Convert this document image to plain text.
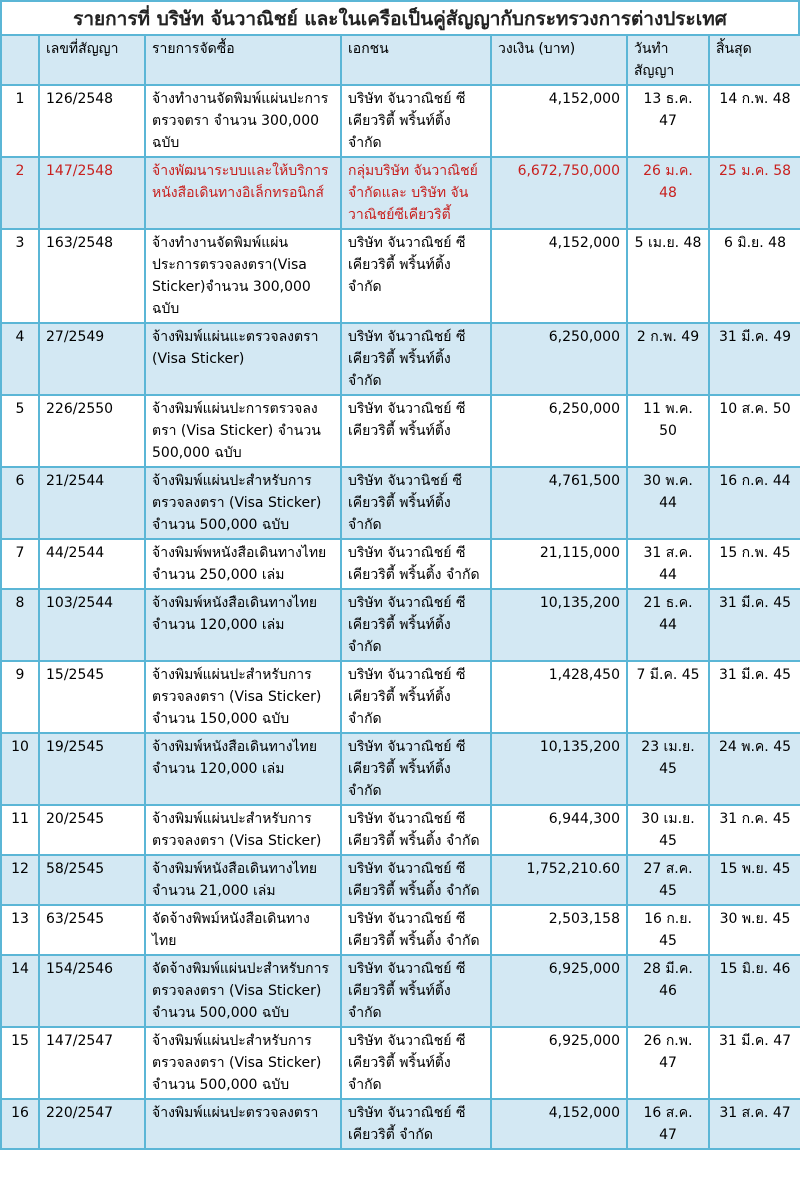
รายการที่ บริษัท จันวาณิชย์ และในเครือเป็นคู่สัญญากับกระทรวงการต่างประเทศ
	เลขที่สัญญา	รายการจัดซื้อ	เอกชน	วงเงิน (บาท)	วันทำสัญญา	สิ้นสุด
1	126/2548	จ้างทำงานจัดพิมพ์แผ่นปะการตรวจตรา จำนวน 300,000 ฉบับ	บริษัท จันวาณิชย์ ซีเคียวริตี้ พริ้นท์ติ้ง จำกัด	4,152,000	13 ธ.ค. 47	14 ก.พ. 48
2	147/2548	จ้างพัฒนาระบบและให้บริการหนังสือเดินทางอิเล็กทรอนิกส์	กลุ่มบริษัท จันวาณิชย์ จำกัดและ บริษัท จันวาณิชย์ซีเคียวริตี้	6,672,750,000	26 ม.ค. 48	25 ม.ค. 58
3	163/2548	จ้างทำงานจัดพิมพ์แผ่นประการตรวจลงตรา(Visa Sticker)จำนวน 300,000 ฉบับ	บริษัท จันวาณิชย์ ซีเคียวริตี้ พริ้นท์ติ้ง จำกัด	4,152,000	5 เม.ย. 48	6 มิ.ย. 48
4	27/2549	จ้างพิมพ์แผ่นแะตรวจลงตรา (Visa Sticker)	บริษัท จันวาณิชย์ ซีเคียวริตี้ พริ้นท์ติ้ง จำกัด	6,250,000	2 ก.พ. 49	31 มี.ค. 49
5	226/2550	จ้างพิมพ์แผ่นปะการตรวจลงตรา (Visa Sticker) จำนวน 500,000 ฉบับ	บริษัท จันวาณิชย์ ซีเคียวริตี้ พริ้นท์ติ้ง	6,250,000	11 พ.ค. 50	10 ส.ค. 50
6	21/2544	จ้างพิมพ์แผ่นปะสำหรับการตรวจลงตรา (Visa Sticker) จำนวน 500,000 ฉบับ	บริษัท จันวานิชย์ ซีเคียวริตี้ พริ้นท์ติ้ง จำกัด	4,761,500	30 พ.ค. 44	16 ก.ค. 44
7	44/2544	จ้างพิมพ์พหนังสือเดินทางไทย จำนวน 250,000 เล่ม	บริษัท จันวาณิชย์ ซีเคียวริตี้ พริ้นติ้ง จำกัด	21,115,000	31 ส.ค. 44	15 ก.พ. 45
8	103/2544	จ้างพิมพ์หนังสือเดินทางไทย จำนวน 120,000 เล่ม	บริษัท จันวาณิชย์ ซีเคียวริตี้ พริ้นท์ติ้ง จำกัด	10,135,200	21 ธ.ค. 44	31 มี.ค. 45
9	15/2545	จ้างพิมพ์แผ่นปะสำหรับการตรวจลงตรา (Visa Sticker) จำนวน 150,000 ฉบับ	บริษัท จันวาณิชย์ ซีเคียวริตี้ พริ้นท์ติ้ง จำกัด	1,428,450	7 มี.ค. 45	31 มี.ค. 45
10	19/2545	จ้างพิมพ์หนังสือเดินทางไทย จำนวน 120,000 เล่ม	บริษัท จันวาณิชย์ ซีเคียวริตี้ พริ้นท์ติ้ง จำกัด	10,135,200	23 เม.ย. 45	24 พ.ค. 45
11	20/2545	จ้างพิมพ์แผ่นปะสำหรับการตรวจลงตรา (Visa Sticker)	บริษัท จันวาณิชย์ ซีเคียวริตี้ พริ้นติ้ง จำกัด	6,944,300	30 เม.ย. 45	31 ก.ค. 45
12	58/2545	จ้างพิมพ์หนังสือเดินทางไทย จำนวน 21,000 เล่ม	บริษัท จันวาณิชย์ ซีเคียวริตี้ พริ้นติ้ง จำกัด	1,752,210.60	27 ส.ค. 45	15 พ.ย. 45
13	63/2545	จัดจ้างพิพม์หนังสือเดินทางไทย	บริษัท จันวาณิชย์ ซีเคียวริตี้ พริ้นติ้ง จำกัด	2,503,158	16 ก.ย. 45	30 พ.ย. 45
14	154/2546	จัดจ้างพิมพ์แผ่นปะสำหรับการตรวจลงตรา (Visa Sticker) จำนวน 500,000 ฉบับ	บริษัท จันวาณิชย์ ซีเคียวริตี้ พริ้นท์ติ้ง จำกัด	6,925,000	28 มี.ค. 46	15 มิ.ย. 46
15	147/2547	จ้างพิมพ์แผ่นปะสำหรับการตรวจลงตรา (Visa Sticker) จำนวน 500,000 ฉบับ	บริษัท จันวาณิชย์ ซีเคียวริตี้ พริ้นท์ติ้ง จำกัด	6,925,000	26 ก.พ. 47	31 มี.ค. 47
16	220/2547	จ้างพิมพ์แผ่นปะตรวจลงตรา	บริษัท จันวาณิชย์ ซีเคียวริตี้ จำกัด	4,152,000	16 ส.ค. 47	31 ส.ค. 47
